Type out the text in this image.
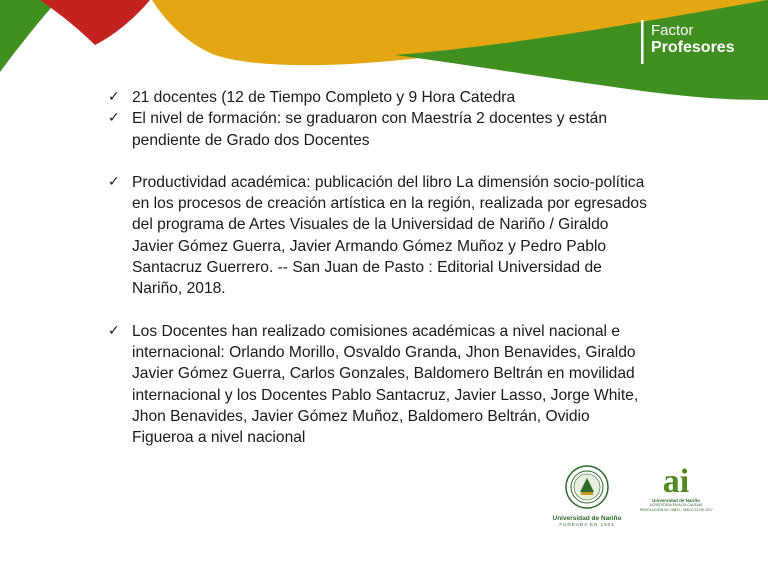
Factor
Profesores

✓ 21 docentes (12 de Tiempo Completo y 9 Hora Catedra

✓ El nivel de formación: se graduaron con Maestría 2 docentes y están pendiente de Grado dos Docentes

✓ Productividad académica: publicación del libro La dimensión socio-política en los procesos de creación artística en la región, realizada por egresados del programa de Artes Visuales de la Universidad de Nariño / Giraldo Javier Gómez Guerra, Javier Armando Gómez Muñoz y Pedro Pablo Santacruz Guerrero. -- San Juan de Pasto : Editorial Universidad de Nariño, 2018.

✓ Los Docentes han realizado comisiones académicas a nivel nacional e internacional: Orlando Morillo, Osvaldo Granda, Jhon Benavides, Giraldo Javier Gómez Guerra, Carlos Gonzales, Baldomero Beltrán en movilidad internacional y los Docentes Pablo Santacruz, Javier Lasso, Jorge White, Jhon Benavides, Javier Gómez Muñoz, Baldomero Beltrán, Ovidio Figueroa a nivel nacional

Universidad de Nariño
FUNDADA EN 1904
ai
Universidad de Nariño
ACREDITADA EN ALTA CALIDAD
RESOLUCIÓN No. 09647 - MAYO 22 DE 2017
